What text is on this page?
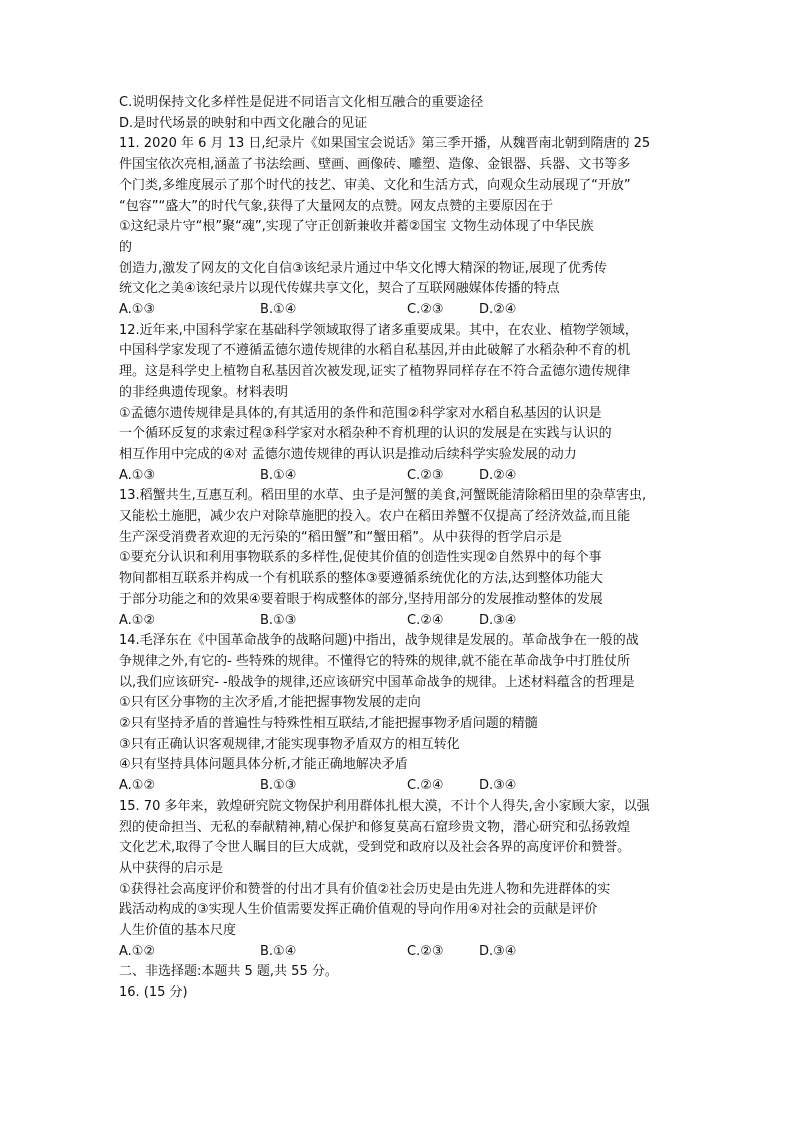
C.说明保持文化多样性是促进不同语言文化相互融合的重要途径
D.是时代场景的映射和中西文化融合的见证
11. 2020 年 6 月 13 日,纪录片《如果国宝会说话》第三季开播，从魏晋南北朝到隋唐的 25
件国宝依次亮相,涵盖了书法绘画、壁画、画像砖、雕塑、造像、金银器、兵器、文书等多
个门类,多维度展示了那个时代的技艺、审美、文化和生活方式，向观众生动展现了“开放”
“包容”“盛大”的时代气象,获得了大量网友的点赞。网友点赞的主要原因在于
①这纪录片守“根”聚“魂”,实现了守正创新兼收并蓄②国宝 文物生动体现了中华民族
的
创造力,激发了网友的文化自信③该纪录片通过中华文化博大精深的物证,展现了优秀传
统文化之美④该纪录片以现代传媒共享文化，契合了互联网融媒体传播的特点
A.①③	B.①④	C.②③	D.②④
12.近年来,中国科学家在基础科学领域取得了诸多重要成果。其中，在农业、植物学领域，
中国科学家发现了不遵循孟德尔遗传规律的水稻自私基因,并由此破解了水稻杂种不育的机
理。这是科学史上植物自私基因首次被发现,证实了植物界同样存在不符合孟德尔遗传规律
的非经典遗传现象。材料表明
①孟德尔遗传规律是具体的,有其适用的条件和范围②科学家对水稻自私基因的认识是
一个循环反复的求索过程③科学家对水稻杂种不育机理的认识的发展是在实践与认识的
相互作用中完成的④对 孟德尔遗传规律的再认识是推动后续科学实验发展的动力
A.①③	B.①④	C.②③	D.②④
13.稻蟹共生,互惠互利。稻田里的水草、虫子是河蟹的美食,河蟹既能清除稻田里的杂草害虫,
又能松土施肥，减少农户对除草施肥的投入。农户在稻田养蟹不仅提高了经济效益,而且能
生产深受消费者欢迎的无污染的“稻田蟹”和“蟹田稻”。从中获得的哲学启示是
①要充分认识和利用事物联系的多样性,促使其价值的创造性实现②自然界中的每个事
物间都相互联系并构成一个有机联系的整体③要遵循系统优化的方法,达到整体功能大
于部分功能之和的效果④要着眼于构成整体的部分,坚持用部分的发展推动整体的发展
A.①②	B.①③	C.②④	D.③④
14.毛泽东在《中国革命战争的战略问题)中指出，战争规律是发展的。革命战争在一般的战
争规律之外,有它的- 些特殊的规律。不懂得它的特殊的规律,就不能在革命战争中打胜仗所
以,我们应该研究- -般战争的规律,还应该研究中国革命战争的规律。上述材料蕴含的哲理是
①只有区分事物的主次矛盾,才能把握事物发展的走向
②只有坚持矛盾的普遍性与特殊性相互联结,才能把握事物矛盾问题的精髓
③只有正确认识客观规律,才能实现事物矛盾双方的相互转化
④只有坚持具体问题具体分析,才能正确地解决矛盾
A.①②	B.①③	C.②④	D.③④
15. 70 多年来，敦煌研究院文物保护利用群体扎根大漠，不计个人得失,舍小家顾大家，以强
烈的使命担当、无私的奉献精神,精心保护和修复莫高石窟珍贵文物，潜心研究和弘扬敦煌
文化艺术,取得了令世人瞩目的巨大成就，受到党和政府以及社会各界的高度评价和赞誉。
从中获得的启示是
①获得社会高度评价和赞誉的付出才具有价值②社会历史是由先进人物和先进群体的实
践活动构成的③实现人生价值需要发挥正确价值观的导向作用④对社会的贡献是评价
人生价值的基本尺度
A.①②	B.①④	C.②③	D.③④
二、非选择题:本题共 5 题,共 55 分。
16. (15 分)
